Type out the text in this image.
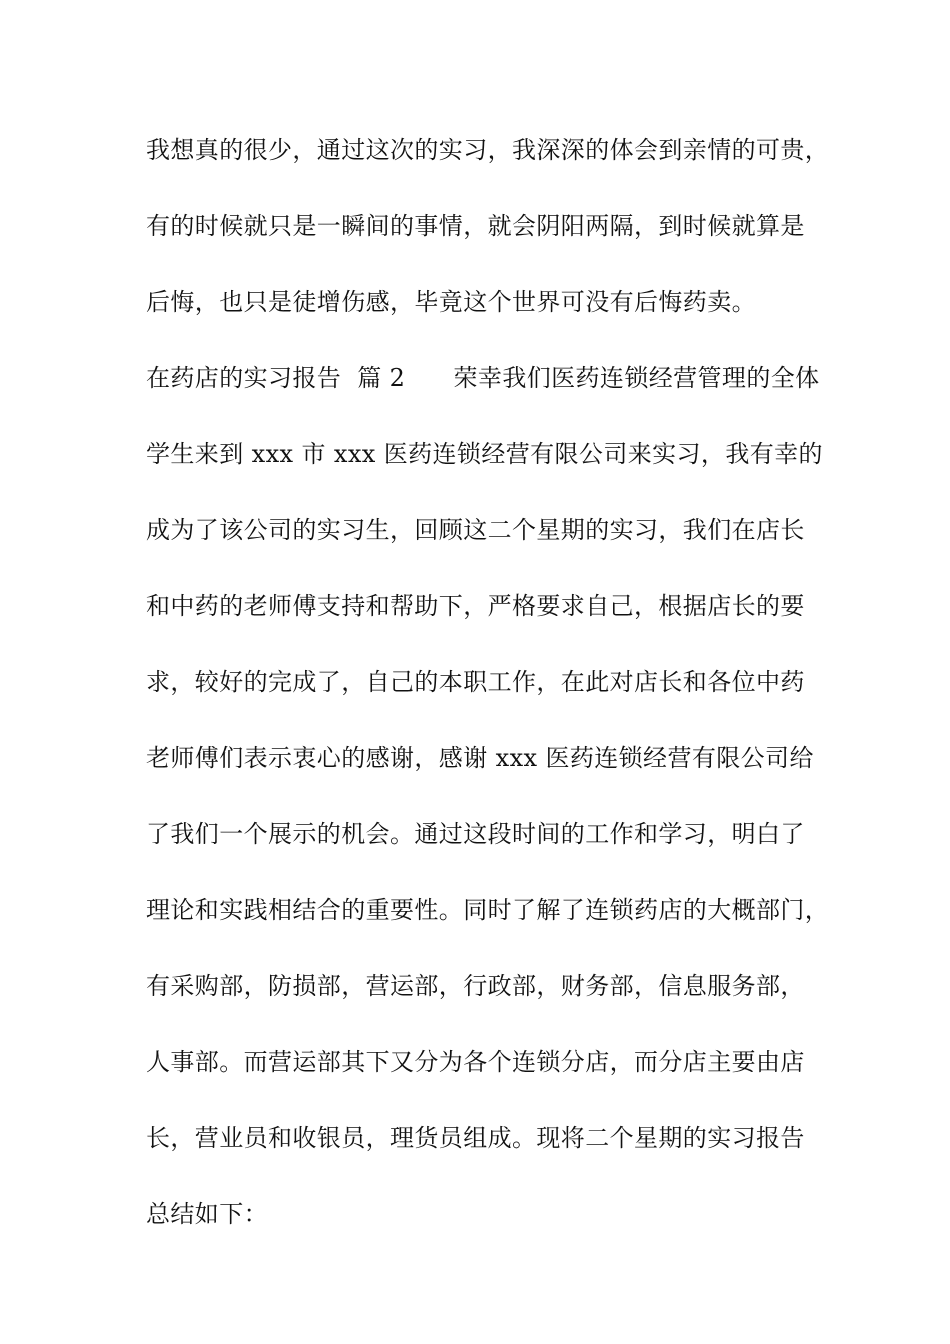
我想真的很少，通过这次的实习，我深深的体会到亲情的可贵，
有的时候就只是一瞬间的事情，就会阴阳两隔，到时候就算是
后悔，也只是徒增伤感，毕竟这个世界可没有后悔药卖。
在药店的实习报告  篇 2      荣幸我们医药连锁经营管理的全体
学生来到 xxx 市 xxx 医药连锁经营有限公司来实习，我有幸的
成为了该公司的实习生，回顾这二个星期的实习，我们在店长
和中药的老师傅支持和帮助下，严格要求自己，根据店长的要
求，较好的完成了，自己的本职工作，在此对店长和各位中药
老师傅们表示衷心的感谢，感谢 xxx 医药连锁经营有限公司给
了我们一个展示的机会。通过这段时间的工作和学习，明白了
理论和实践相结合的重要性。同时了解了连锁药店的大概部门，
有采购部，防损部，营运部，行政部，财务部，信息服务部，
人事部。而营运部其下又分为各个连锁分店，而分店主要由店
长，营业员和收银员，理货员组成。现将二个星期的实习报告
总结如下：
